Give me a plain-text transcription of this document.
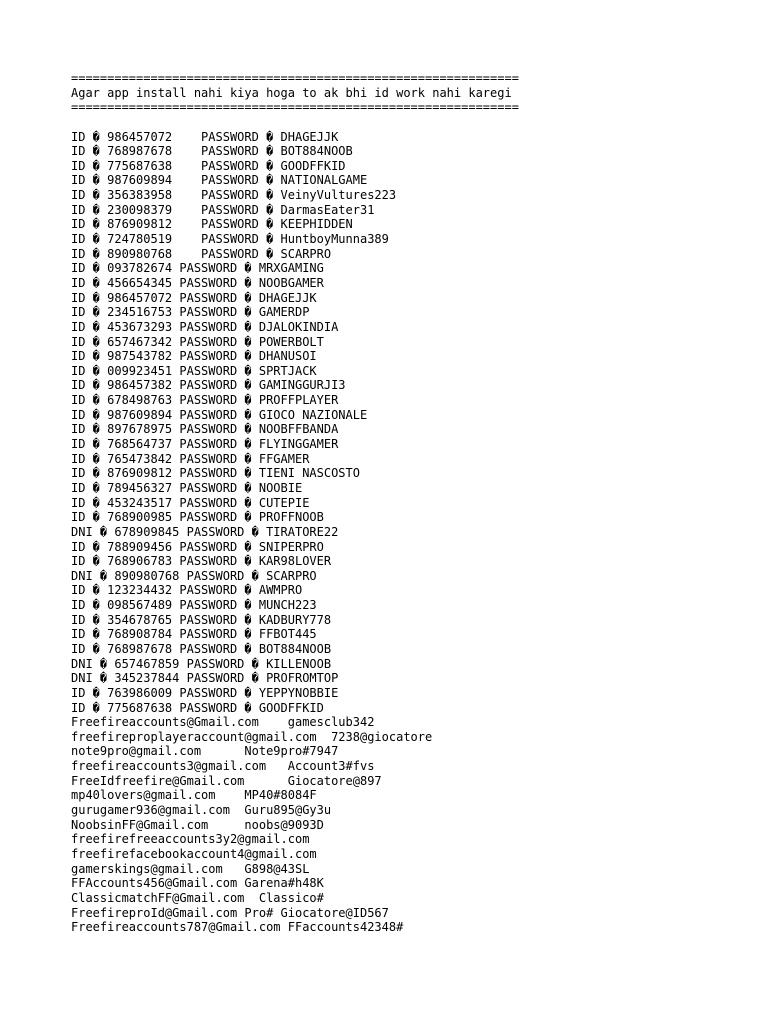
==============================================================
Agar app install nahi kiya hoga to ak bhi id work nahi karegi
==============================================================
ID � 986457072    PASSWORD � DHAGEJJK
ID � 768987678    PASSWORD � BOT884NOOB
ID � 775687638    PASSWORD � GOODFFKID
ID � 987609894    PASSWORD � NATIONALGAME
ID � 356383958    PASSWORD � VeinyVultures223
ID � 230098379    PASSWORD � DarmasEater31
ID � 876909812    PASSWORD � KEEPHIDDEN
ID � 724780519    PASSWORD � HuntboyMunna389
ID � 890980768    PASSWORD � SCARPRO
ID � 093782674 PASSWORD � MRXGAMING
ID � 456654345 PASSWORD � NOOBGAMER
ID � 986457072 PASSWORD � DHAGEJJK
ID � 234516753 PASSWORD � GAMERDP
ID � 453673293 PASSWORD � DJALOKINDIA
ID � 657467342 PASSWORD � POWERBOLT
ID � 987543782 PASSWORD � DHANUSOI
ID � 009923451 PASSWORD � SPRTJACK
ID � 986457382 PASSWORD � GAMINGGURJI3
ID � 678498763 PASSWORD � PROFFPLAYER
ID � 987609894 PASSWORD � GIOCO NAZIONALE
ID � 897678975 PASSWORD � NOOBFFBANDA
ID � 768564737 PASSWORD � FLYINGGAMER
ID � 765473842 PASSWORD � FFGAMER
ID � 876909812 PASSWORD � TIENI NASCOSTO
ID � 789456327 PASSWORD � NOOBIE
ID � 453243517 PASSWORD � CUTEPIE
ID � 768900985 PASSWORD � PROFFNOOB
DNI � 678909845 PASSWORD � TIRATORE22
ID � 788909456 PASSWORD � SNIPERPRO
ID � 768906783 PASSWORD � KAR98LOVER
DNI � 890980768 PASSWORD � SCARPRO
ID � 123234432 PASSWORD � AWMPRO
ID � 098567489 PASSWORD � MUNCH223
ID � 354678765 PASSWORD � KADBURY778
ID � 768908784 PASSWORD � FFBOT445
ID � 768987678 PASSWORD � BOT884NOOB
DNI � 657467859 PASSWORD � KILLENOOB
DNI � 345237844 PASSWORD � PROFROMTOP
ID � 763986009 PASSWORD � YEPPYNOBBIE
ID � 775687638 PASSWORD � GOODFFKID
Freefireaccounts@Gmail.com    gamesclub342
freefireproplayeraccount@gmail.com  7238@giocatore
note9pro@gmail.com      Note9pro#7947
freefireaccounts3@gmail.com   Account3#fvs
FreeIdfreefire@Gmail.com      Giocatore@897
mp40lovers@gmail.com    MP40#8084F
gurugamer936@gmail.com  Guru895@Gy3u
NoobsinFF@Gmail.com     noobs@9093D
freefirefreeaccounts3y2@gmail.com
freefirefacebookaccount4@gmail.com
gamerskings@gmail.com   G898@43SL
FFAccounts456@Gmail.com Garena#h48K
ClassicmatchFF@Gmail.com  Classico#
FreefireproId@Gmail.com Pro# Giocatore@ID567
Freefireaccounts787@Gmail.com FFaccounts42348#
